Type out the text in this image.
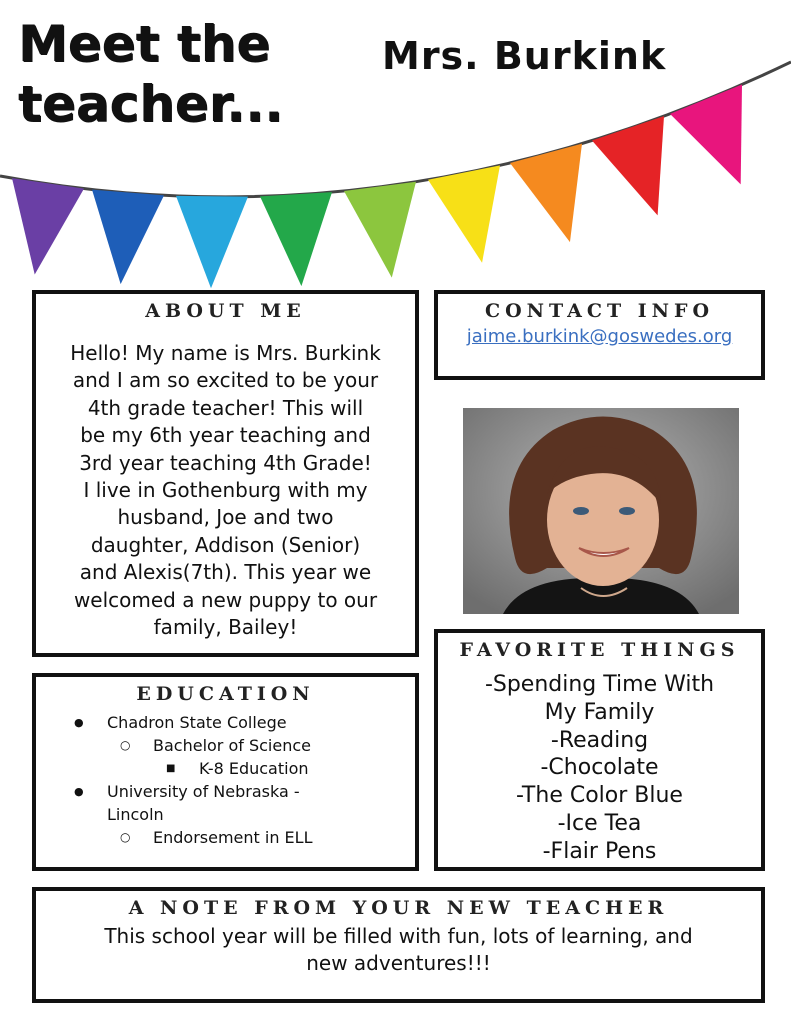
Meet the
teacher...
Mrs. Burkink
ABOUT ME
Hello! My name is Mrs. Burkink
and I am so excited to be your
4th grade teacher! This will
be my 6th year teaching and
3rd year teaching 4th Grade!
I live in Gothenburg with my
husband, Joe and two
daughter, Addison (Senior)
and Alexis(7th). This year we
welcomed a new puppy to our
family, Bailey!
CONTACT INFO
jaime.burkink@goswedes.org
EDUCATION
● Chadron State College
○ Bachelor of Science
■ K-8 Education
● University of Nebraska -
Lincoln
○ Endorsement in ELL
FAVORITE THINGS
-Spending Time With
My Family
-Reading
-Chocolate
-The Color Blue
-Ice Tea
-Flair Pens
A NOTE FROM YOUR NEW TEACHER
This school year will be filled with fun, lots of learning, and
new adventures!!!
